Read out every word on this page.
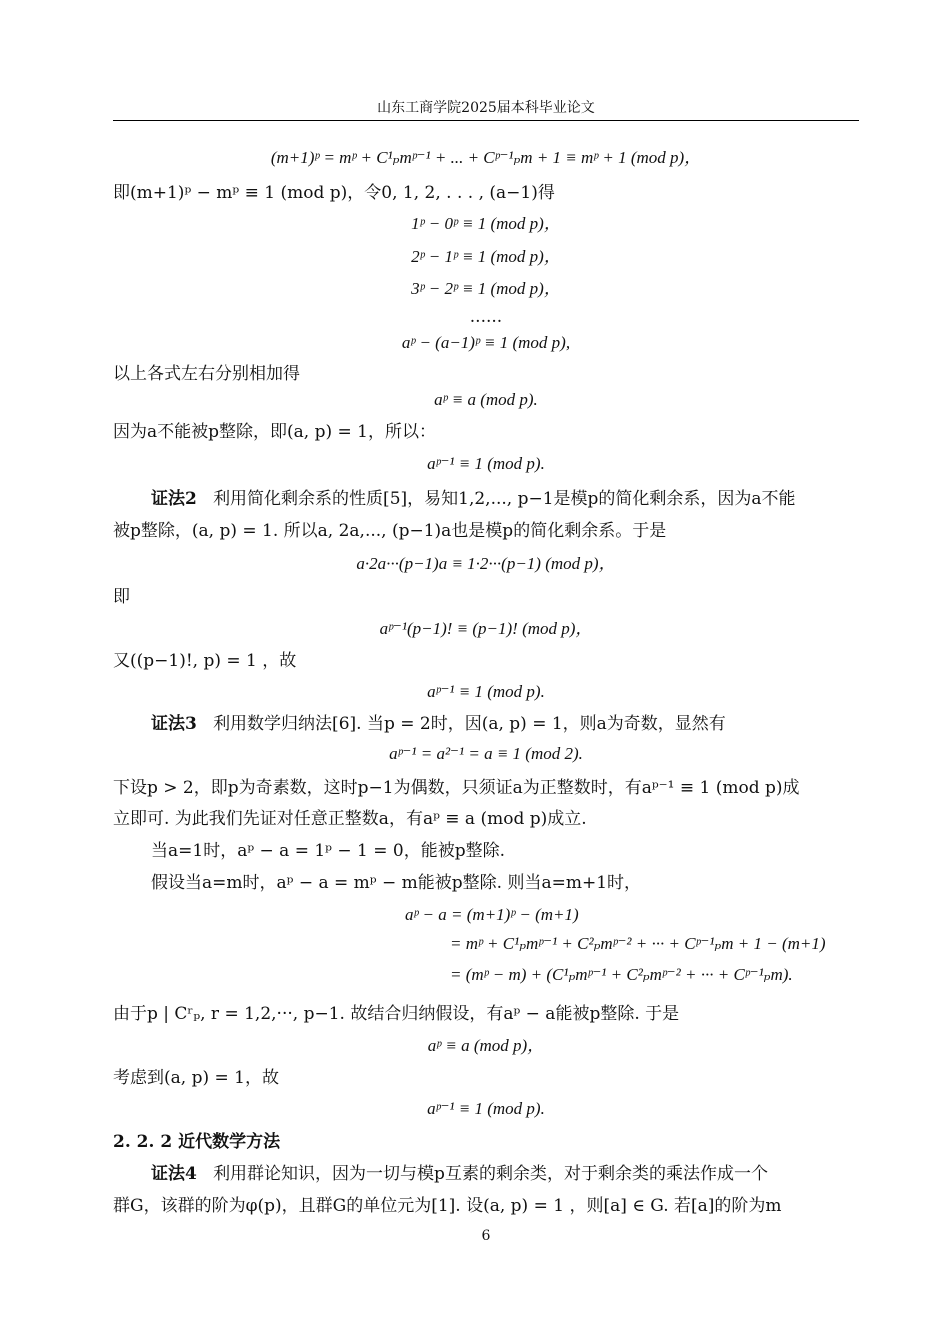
山东工商学院2025届本科毕业论文
(m+1)ᵖ = mᵖ + C¹ₚmᵖ⁻¹ + ... + Cᵖ⁻¹ₚm + 1 ≡ mᵖ + 1 (mod p)，
即(m+1)ᵖ − mᵖ ≡ 1 (mod p)，令0, 1, 2, . . . , (a−1)得
1ᵖ − 0ᵖ ≡ 1 (mod p)，
2ᵖ − 1ᵖ ≡ 1 (mod p)，
3ᵖ − 2ᵖ ≡ 1 (mod p)，
......
aᵖ − (a−1)ᵖ ≡ 1 (mod p),
以上各式左右分别相加得
aᵖ ≡ a (mod p).
因为a不能被p整除，即(a, p) = 1，所以：
aᵖ⁻¹ ≡ 1 (mod p).
证法2 利用简化剩余系的性质[5]，易知1,2,..., p−1是模p的简化剩余系，因为a不能
被p整除，(a, p) = 1. 所以a, 2a,..., (p−1)a也是模p的简化剩余系。于是
a·2a···(p−1)a ≡ 1·2···(p−1) (mod p)，
即
aᵖ⁻¹(p−1)! ≡ (p−1)! (mod p)，
又((p−1)!, p) = 1 ，故
aᵖ⁻¹ ≡ 1 (mod p).
证法3 利用数学归纳法[6]. 当p = 2时，因(a, p) = 1，则a为奇数，显然有
aᵖ⁻¹ = a²⁻¹ = a ≡ 1 (mod 2).
下设p > 2，即p为奇素数，这时p−1为偶数，只须证a为正整数时，有aᵖ⁻¹ ≡ 1 (mod p)成
立即可. 为此我们先证对任意正整数a，有aᵖ ≡ a (mod p)成立.
当a=1时，aᵖ − a = 1ᵖ − 1 = 0，能被p整除.
假设当a=m时，aᵖ − a = mᵖ − m能被p整除. 则当a=m+1时，
aᵖ − a = (m+1)ᵖ − (m+1)
= mᵖ + C¹ₚmᵖ⁻¹ + C²ₚmᵖ⁻² + ··· + Cᵖ⁻¹ₚm + 1 − (m+1)
= (mᵖ − m) + (C¹ₚmᵖ⁻¹ + C²ₚmᵖ⁻² + ··· + Cᵖ⁻¹ₚm).
由于p | Cʳₚ, r = 1,2,···, p−1. 故结合归纳假设，有aᵖ − a能被p整除. 于是
aᵖ ≡ a (mod p)，
考虑到(a, p) = 1，故
aᵖ⁻¹ ≡ 1 (mod p).
2. 2. 2 近代数学方法
证法4 利用群论知识，因为一切与模p互素的剩余类，对于剩余类的乘法作成一个
群G，该群的阶为φ(p)，且群G的单位元为[1]. 设(a, p) = 1 ，则[a] ∈ G. 若[a]的阶为m
6
